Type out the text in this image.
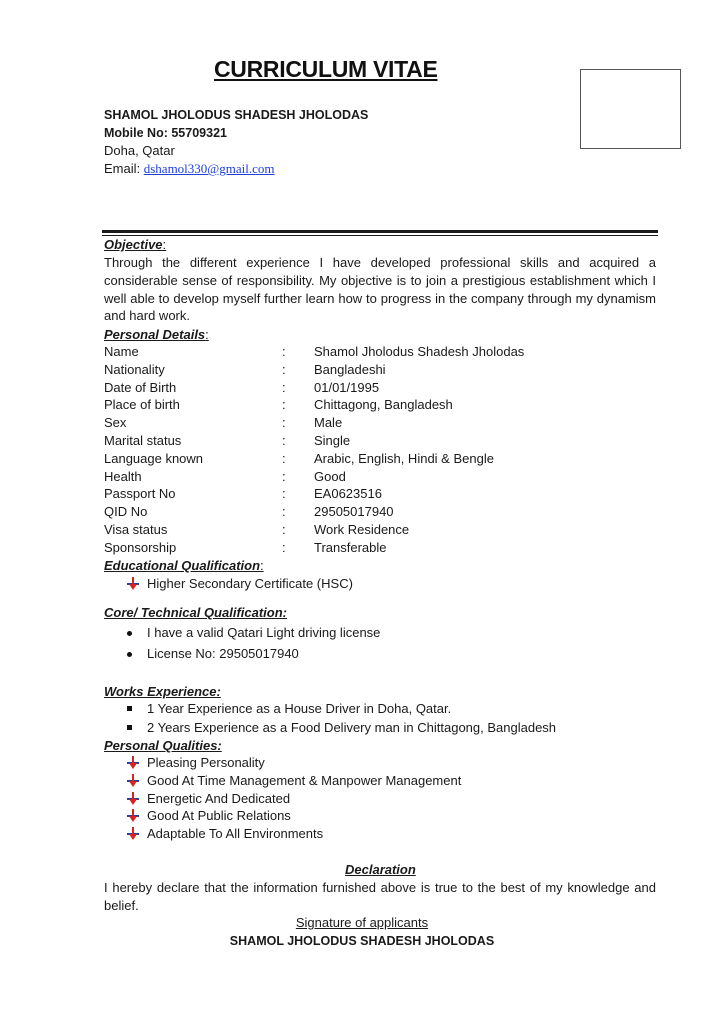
CURRICULUM VITAE
SHAMOL JHOLODUS SHADESH JHOLODAS
Mobile No: 55709321
Doha, Qatar
Email: dshamol330@gmail.com
Objective:
Through the different experience I have developed professional skills and acquired a considerable sense of responsibility. My objective is to join a prestigious establishment which I well able to develop myself further learn how to progress in the company through my dynamism and hard work.
Personal Details:
Name	: Shamol Jholodus Shadesh Jholodas
Nationality	: Bangladeshi
Date of Birth	: 01/01/1995
Place of birth	: Chittagong, Bangladesh
Sex	: Male
Marital status	: Single
Language known	: Arabic, English, Hindi & Bengle
Health	: Good
Passport No	: EA0623516
QID No	: 29505017940
Visa status	: Work Residence
Sponsorship	: Transferable
Educational Qualification:
Higher Secondary Certificate (HSC)
Core/ Technical Qualification:
I have a valid Qatari Light driving license
License No: 29505017940
Works Experience:
1 Year Experience as a House Driver in Doha, Qatar.
2 Years Experience as a Food Delivery man in Chittagong, Bangladesh
Personal Qualities:
Pleasing Personality
Good At Time Management & Manpower Management
Energetic And Dedicated
Good At Public Relations
Adaptable To All Environments
Declaration
I hereby declare that the information furnished above is true to the best of my knowledge and belief.
Signature of applicants
SHAMOL JHOLODUS SHADESH JHOLODAS
